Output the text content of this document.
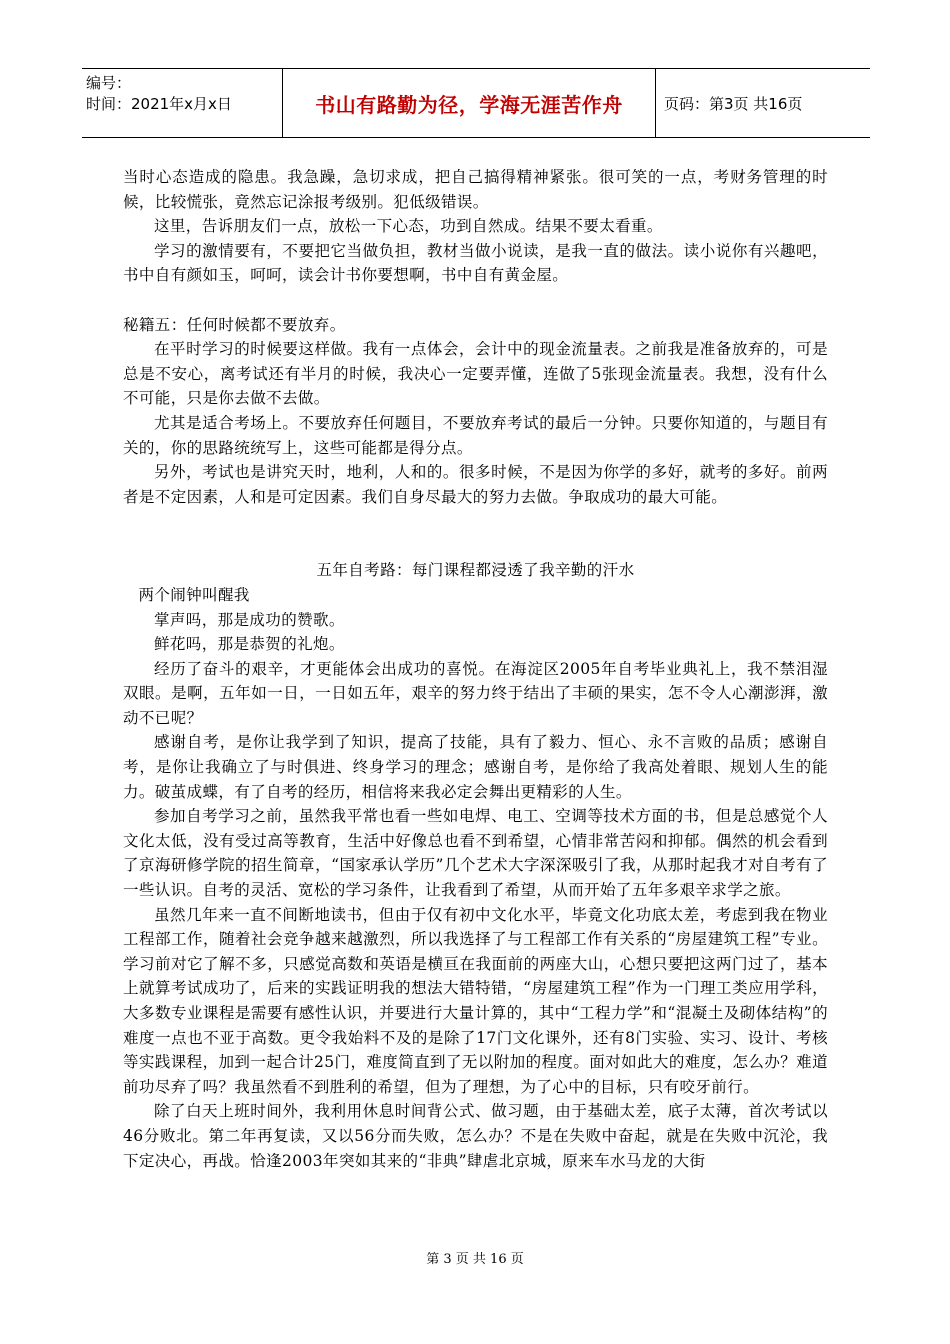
编号：
时间：2021年x月x日	书山有路勤为径，学海无涯苦作舟	页码：第3页 共16页

当时心态造成的隐患。我急躁，急切求成，把自己搞得精神紧张。很可笑的一点，考财务管理的时候，比较慌张，竟然忘记涂报考级别。犯低级错误。

这里，告诉朋友们一点，放松一下心态，功到自然成。结果不要太看重。

学习的激情要有，不要把它当做负担，教材当做小说读，是我一直的做法。读小说你有兴趣吧，书中自有颜如玉，呵呵，读会计书你要想啊，书中自有黄金屋。

秘籍五：任何时候都不要放弃。

在平时学习的时候要这样做。我有一点体会，会计中的现金流量表。之前我是准备放弃的，可是总是不安心，离考试还有半月的时候，我决心一定要弄懂，连做了5张现金流量表。我想，没有什么不可能，只是你去做不去做。

尤其是适合考场上。不要放弃任何题目，不要放弃考试的最后一分钟。只要你知道的，与题目有关的，你的思路统统写上，这些可能都是得分点。

另外，考试也是讲究天时，地利，人和的。很多时候，不是因为你学的多好，就考的多好。前两者是不定因素，人和是可定因素。我们自身尽最大的努力去做。争取成功的最大可能。

五年自考路：每门课程都浸透了我辛勤的汗水

两个闹钟叫醒我

掌声吗，那是成功的赞歌。

鲜花吗，那是恭贺的礼炮。

经历了奋斗的艰辛，才更能体会出成功的喜悦。在海淀区2005年自考毕业典礼上，我不禁泪湿双眼。是啊，五年如一日，一日如五年，艰辛的努力终于结出了丰硕的果实，怎不令人心潮澎湃，激动不已呢？

感谢自考，是你让我学到了知识，提高了技能，具有了毅力、恒心、永不言败的品质；感谢自考，是你让我确立了与时俱进、终身学习的理念；感谢自考，是你给了我高处着眼、规划人生的能力。破茧成蝶，有了自考的经历，相信将来我必定会舞出更精彩的人生。

参加自考学习之前，虽然我平常也看一些如电焊、电工、空调等技术方面的书，但是总感觉个人文化太低，没有受过高等教育，生活中好像总也看不到希望，心情非常苦闷和抑郁。偶然的机会看到了京海研修学院的招生简章，“国家承认学历”几个艺术大字深深吸引了我，从那时起我才对自考有了一些认识。自考的灵活、宽松的学习条件，让我看到了希望，从而开始了五年多艰辛求学之旅。

虽然几年来一直不间断地读书，但由于仅有初中文化水平，毕竟文化功底太差，考虑到我在物业工程部工作，随着社会竞争越来越激烈，所以我选择了与工程部工作有关系的“房屋建筑工程”专业。学习前对它了解不多，只感觉高数和英语是横亘在我面前的两座大山，心想只要把这两门过了，基本上就算考试成功了，后来的实践证明我的想法大错特错，“房屋建筑工程”作为一门理工类应用学科，大多数专业课程是需要有感性认识，并要进行大量计算的，其中“工程力学”和“混凝土及砌体结构”的难度一点也不亚于高数。更令我始料不及的是除了17门文化课外，还有8门实验、实习、设计、考核等实践课程，加到一起合计25门，难度简直到了无以附加的程度。面对如此大的难度，怎么办？难道前功尽弃了吗？我虽然看不到胜利的希望，但为了理想，为了心中的目标，只有咬牙前行。

除了白天上班时间外，我利用休息时间背公式、做习题，由于基础太差，底子太薄，首次考试以46分败北。第二年再复读，又以56分而失败，怎么办？不是在失败中奋起，就是在失败中沉沦，我下定决心，再战。恰逢2003年突如其来的“非典”肆虐北京城，原来车水马龙的大街

第 3 页 共 16 页
